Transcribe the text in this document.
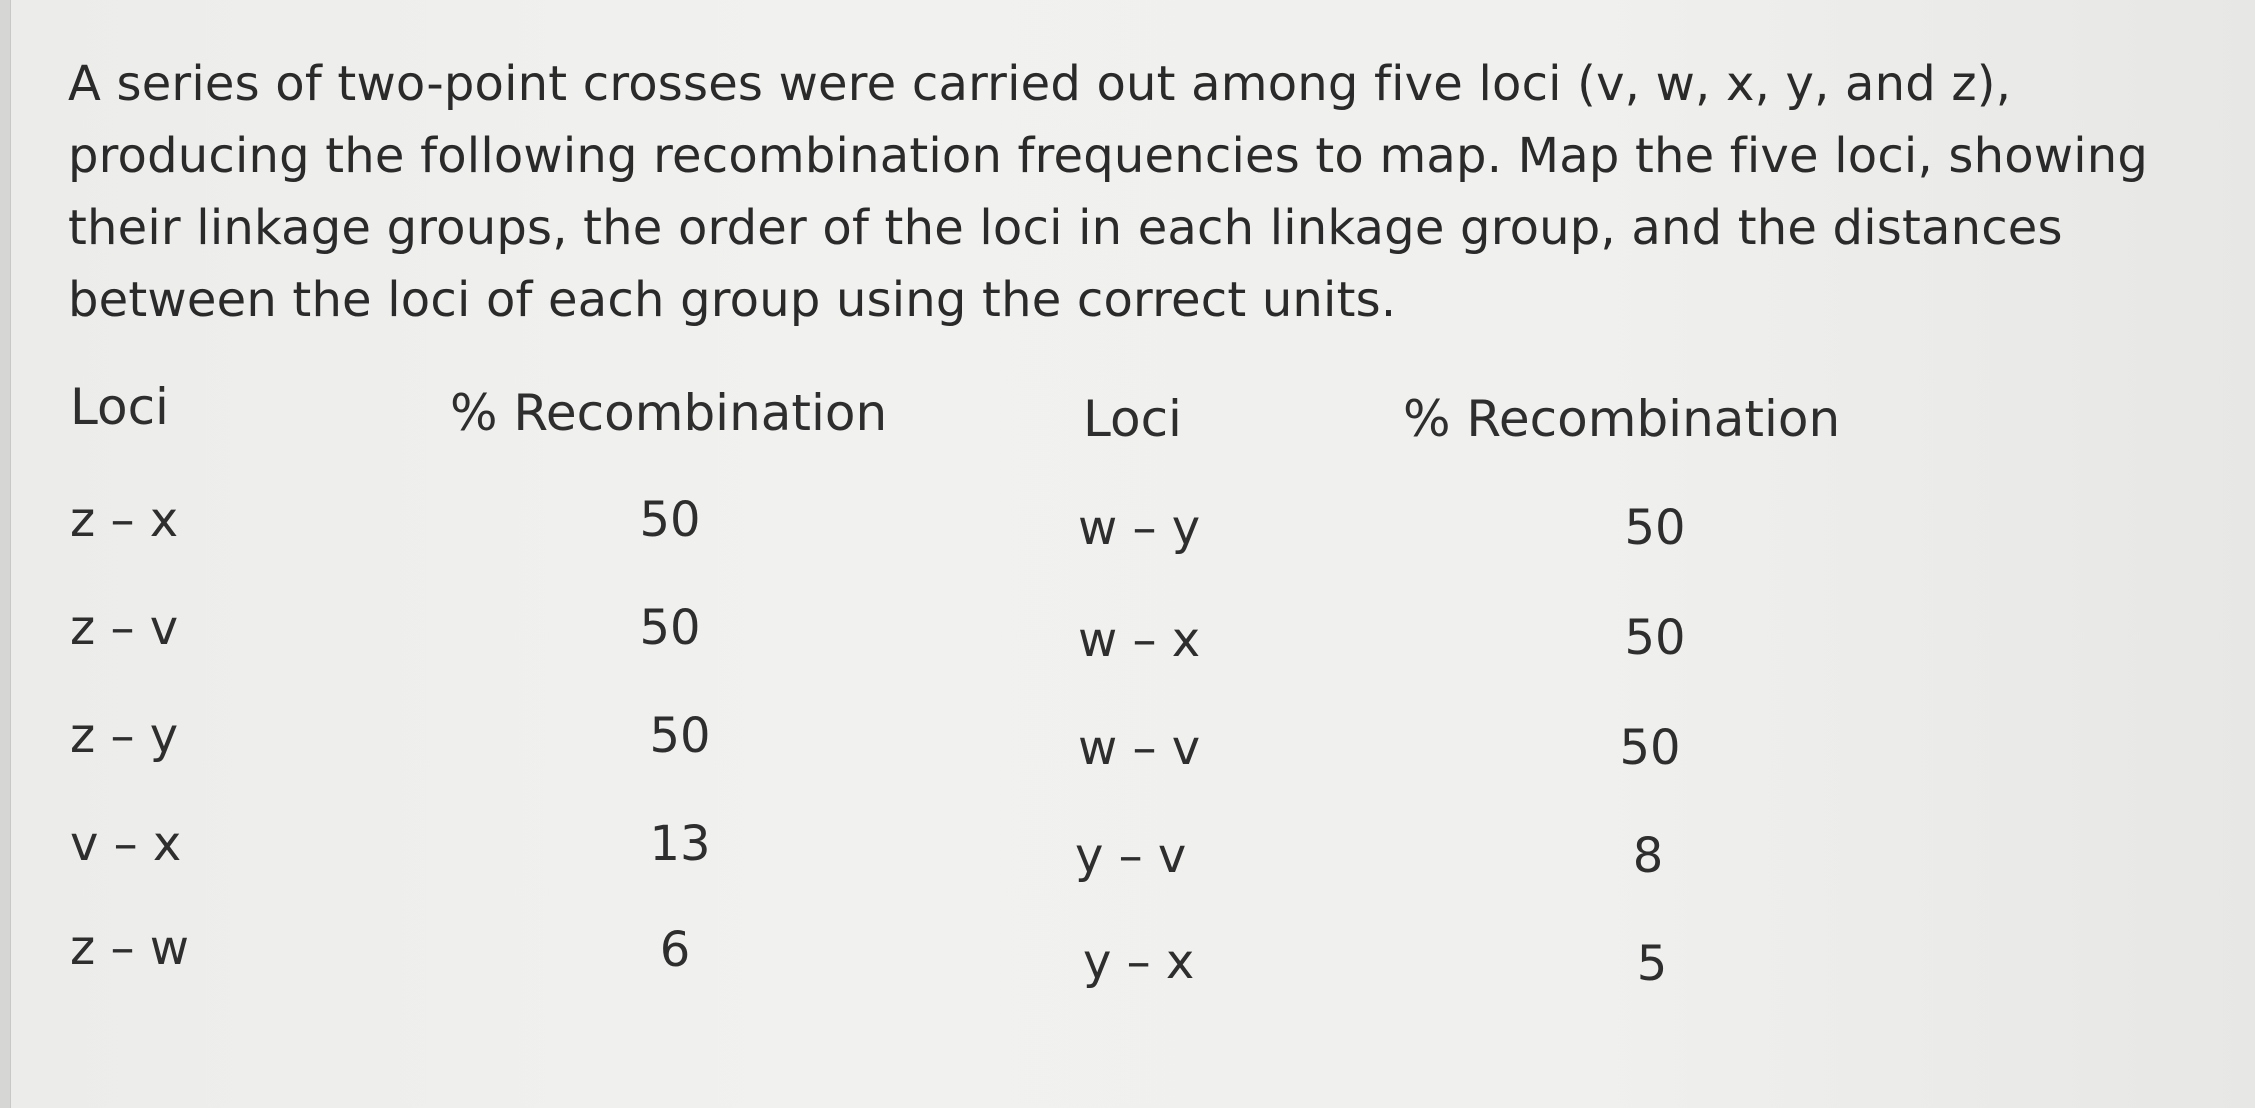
A series of two-point crosses were carried out among five loci (v, w, x, y, and z), producing the following recombination frequencies to map. Map the five loci, showing their linkage groups, the order of the loci in each linkage group, and the distances between the loci of each group using the correct units.
Loci	% Recombination	Loci	% Recombination
z – x	50	w – y	50
z – v	50	w – x	50
z – y	50	w – v	50
v – x	13	y – v	8
z – w	6	y – x	5
